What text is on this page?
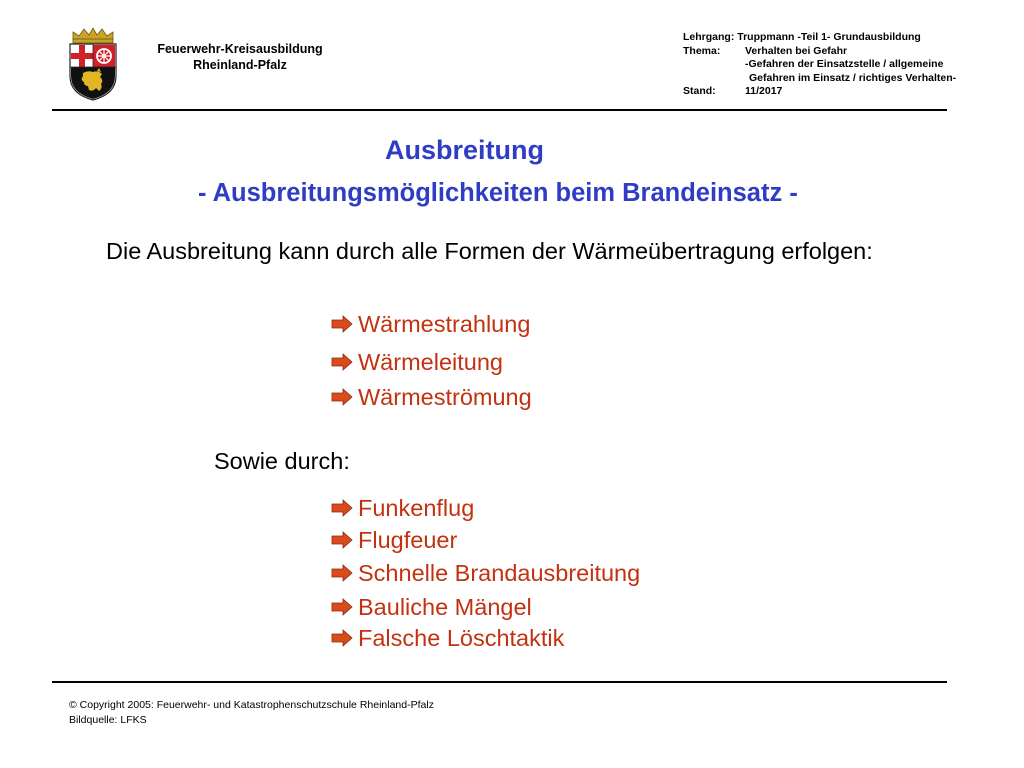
Feuerwehr-Kreisausbildung
Rheinland-Pfalz
Lehrgang: Truppmann -Teil 1- Grundausbildung
Thema: Verhalten bei Gefahr
-Gefahren der Einsatzstelle / allgemeine
Gefahren im Einsatz / richtiges Verhalten-
Stand:	11/2017
Ausbreitung
- Ausbreitungsmöglichkeiten beim Brandeinsatz -
Die Ausbreitung kann durch alle Formen der Wärmeübertragung erfolgen:
Wärmestrahlung
Wärmeleitung
Wärmeströmung
Sowie durch:
Funkenflug
Flugfeuer
Schnelle Brandausbreitung
Bauliche Mängel
Falsche Löschtaktik
© Copyright 2005: Feuerwehr- und Katastrophenschutzschule Rheinland-Pfalz
Bildquelle: LFKS
